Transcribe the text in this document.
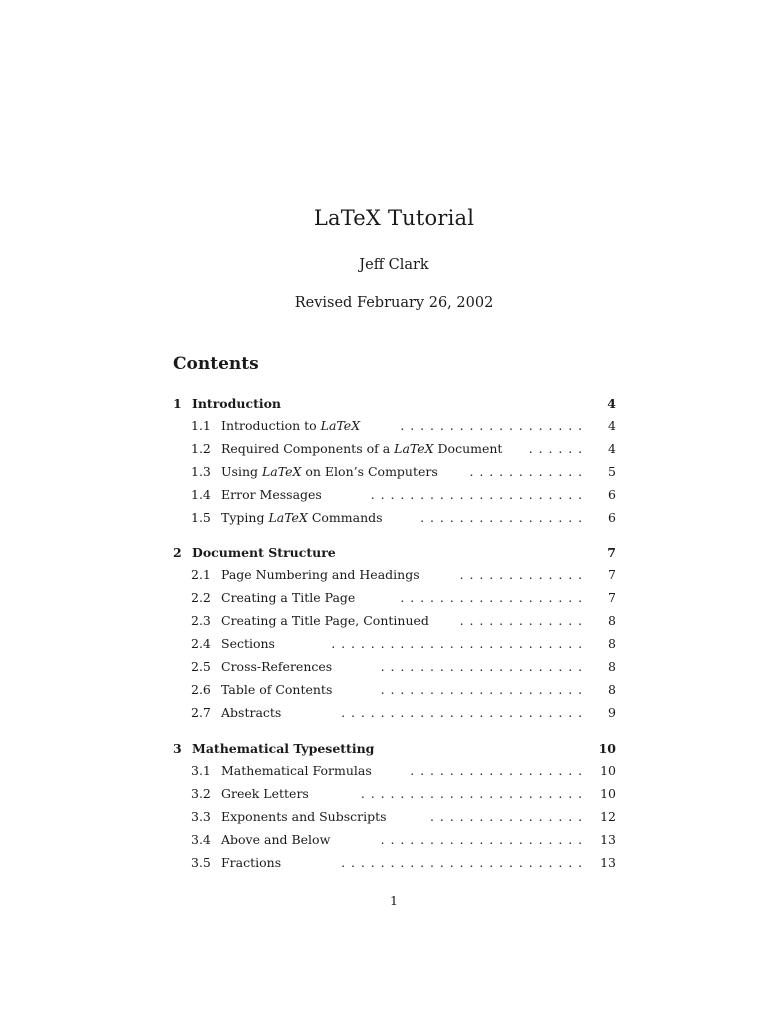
LaTeX Tutorial
Jeff Clark
Revised February 26, 2002
Contents
1 Introduction	4
1.1 Introduction to LaTeX	4
...................
1.2 Required Components of a LaTeX Document	4
......
1.3 Using LaTeX on Elon’s Computers	5
............
1.4 Error Messages	6
......................
1.5 Typing LaTeX Commands	6
.................
2 Document Structure	7
2.1 Page Numbering and Headings	7
.............
2.2 Creating a Title Page	7
...................
2.3 Creating a Title Page, Continued	8
.............
2.4 Sections	8
..........................
2.5 Cross-References	8
.....................
2.6 Table of Contents	8
.....................
2.7 Abstracts	9
.........................
3 Mathematical Typesetting	10
3.1 Mathematical Formulas	10
..................
3.2 Greek Letters	10
.......................
3.3 Exponents and Subscripts	12
................
3.4 Above and Below	13
.....................
3.5 Fractions	13
.........................
1
